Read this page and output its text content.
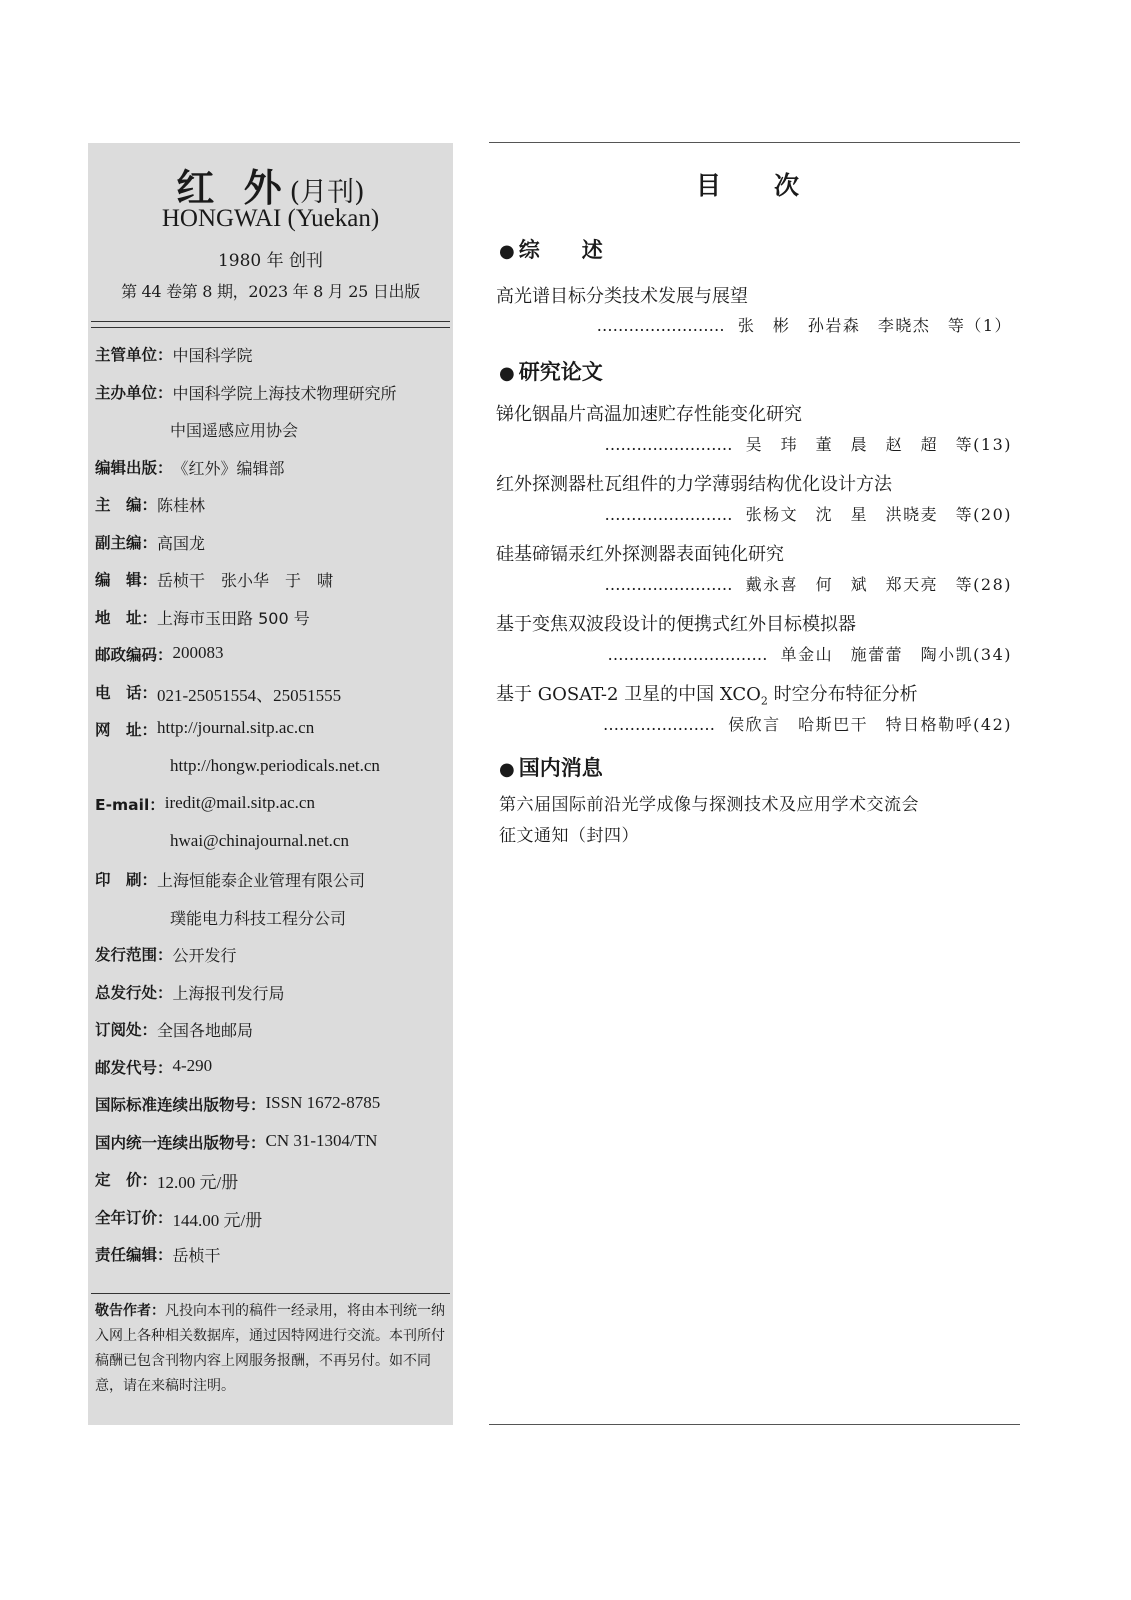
红 外(月刊)
HONGWAI (Yuekan)
1980 年 创刊
第 44 卷第 8 期，2023 年 8 月 25 日出版
主管单位： 中国科学院
主办单位： 中国科学院上海技术物理研究所
中国遥感应用协会
编辑出版： 《红外》编辑部
主　编： 陈桂林
副主编： 高国龙
编　辑： 岳桢干　张小华　于　啸
地　址： 上海市玉田路 500 号
邮政编码： 200083
电　话： 021-25051554、25051555
网　址： http://journal.sitp.ac.cn
http://hongw.periodicals.net.cn
E-mail： iredit@mail.sitp.ac.cn
hwai@chinajournal.net.cn
印　刷： 上海恒能泰企业管理有限公司
璞能电力科技工程分公司
发行范围： 公开发行
总发行处： 上海报刊发行局
订阅处： 全国各地邮局
邮发代号： 4-290
国际标准连续出版物号： ISSN 1672-8785
国内统一连续出版物号： CN 31-1304/TN
定　价： 12.00 元/册
全年订价： 144.00 元/册
责任编辑： 岳桢干
敬告作者：凡投向本刊的稿件一经录用，将由本刊统一纳入网上各种相关数据库，通过因特网进行交流。本刊所付稿酬已包含刊物内容上网服务报酬，不再另付。如不同意，请在来稿时注明。
目　次
● 综　　述
高光谱目标分类技术发展与展望
…………………… 张　彬　孙岩森　李晓杰　等（1）
● 研究论文
锑化铟晶片高温加速贮存性能变化研究
…………………… 吴　玮　董　晨　赵　超　等(13)
红外探测器杜瓦组件的力学薄弱结构优化设计方法
…………………… 张杨文　沈　星　洪晓麦　等(20)
硅基碲镉汞红外探测器表面钝化研究
…………………… 戴永喜　何　斌　郑天亮　等(28)
基于变焦双波段设计的便携式红外目标模拟器
………………………… 单金山　施蕾蕾　陶小凯(34)
基于 GOSAT-2 卫星的中国 $XCO_2$ 时空分布特征分析
………………… 侯欣言　哈斯巴干　特日格勒呼(42)
● 国内消息
第六届国际前沿光学成像与探测技术及应用学术交流会
征文通知（封四）
